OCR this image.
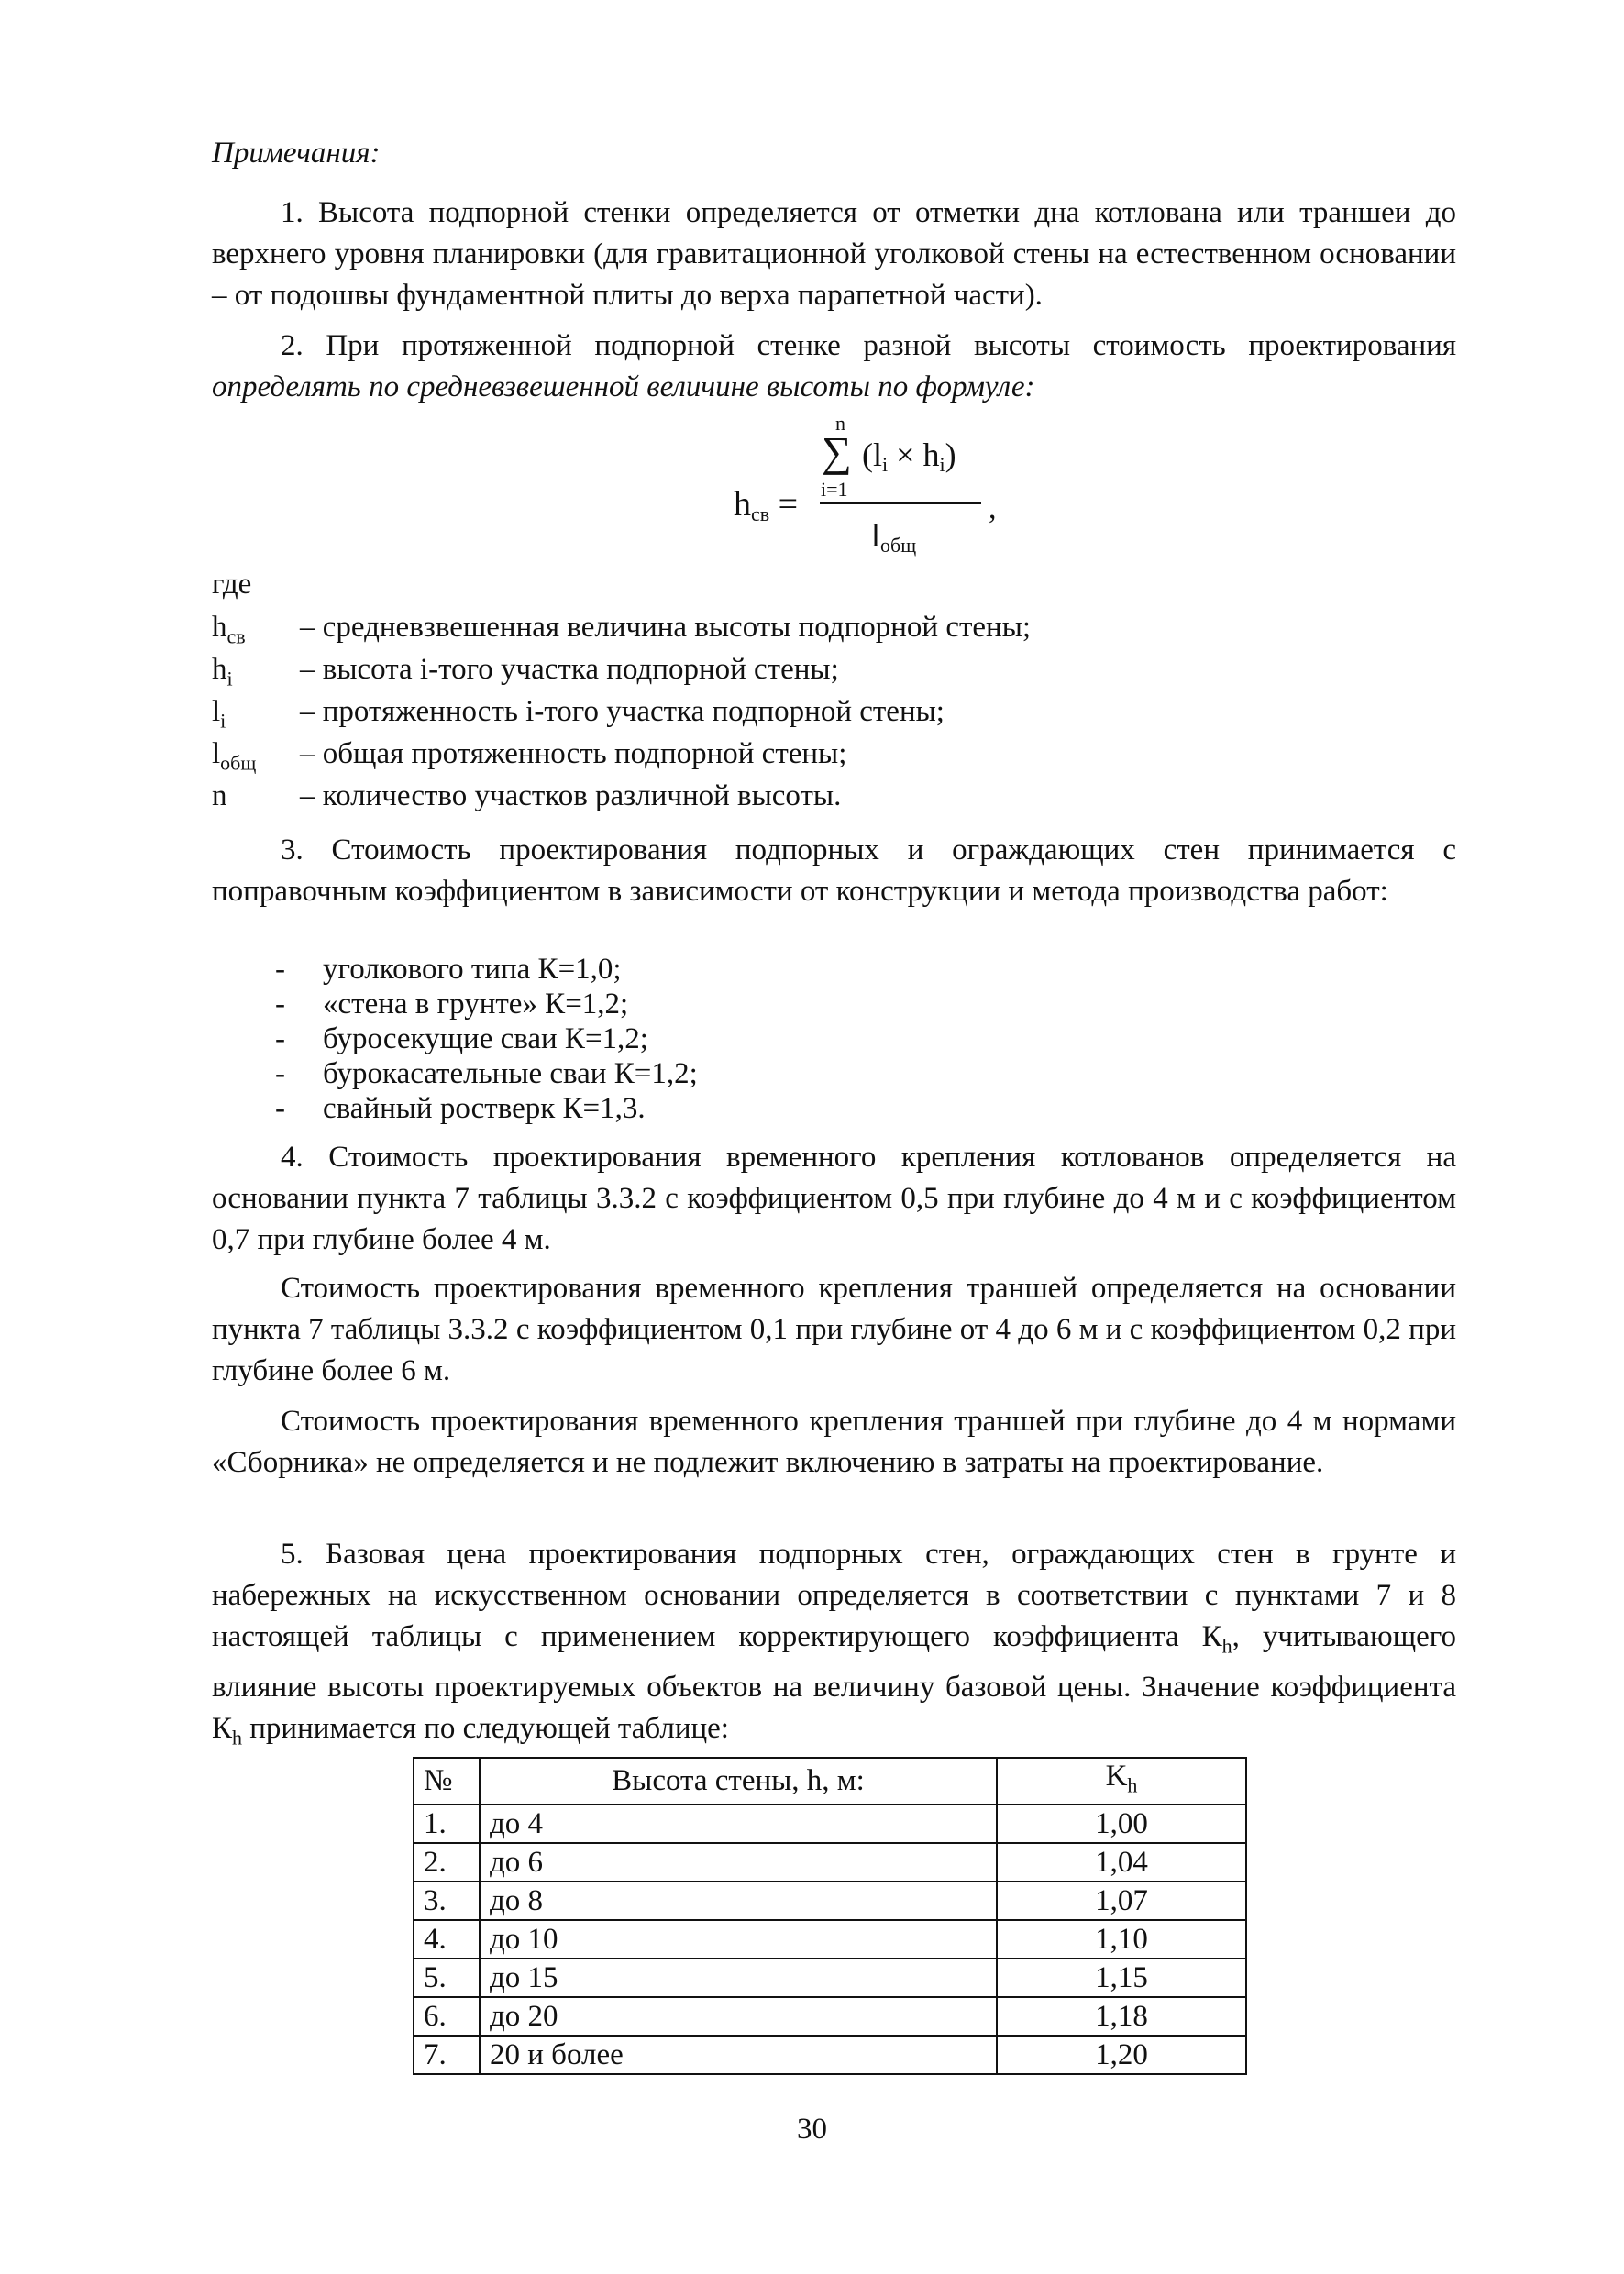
Примечания:

1. Высота подпорной стенки определяется от отметки дна котлована или траншеи до верхнего уровня планировки (для гравитационной уголковой стены на естественном основании – от подошвы фундаментной плиты до верха парапетной части).

2. При протяженной подпорной стенке разной высоты стоимость проектирования определять по средневзвешенной величине высоты по формуле:

n
∑ $(l_i \times h_i)$
i=1
$h_{св}$ =	,
$l_{общ}$
где
$h_{св}$ – средневзвешенная величина высоты подпорной стены;
$h_i$ – высота i-того участка подпорной стены;
$l_i$ – протяженность i-того участка подпорной стены;
$l_{общ}$ – общая протяженность подпорной стены;
n – количество участков различной высоты.

3. Стоимость проектирования подпорных и ограждающих стен принимается с поправочным коэффициентом в зависимости от конструкции и метода производства работ:

- уголкового типа К=1,0;
- «стена в грунте» К=1,2;
- буросекущие сваи К=1,2;
- бурокасательные сваи К=1,2;
- свайный ростверк К=1,3.

4. Стоимость проектирования временного крепления котлованов определяется на основании пункта 7 таблицы 3.3.2 с коэффициентом 0,5 при глубине до 4 м и с коэффициентом 0,7 при глубине более 4 м.

Стоимость проектирования временного крепления траншей определяется на основании пункта 7 таблицы 3.3.2 с коэффициентом 0,1 при глубине от 4 до 6 м и с коэффициентом 0,2 при глубине более 6 м.

Стоимость проектирования временного крепления траншей при глубине до 4 м нормами «Сборника» не определяется и не подлежит включению в затраты на проектирование.

5. Базовая цена проектирования подпорных стен, ограждающих стен в грунте и набережных на искусственном основании определяется в соответствии с пунктами 7 и 8 настоящей таблицы с применением корректирующего коэффициента $К_h$, учитывающего влияние высоты проектируемых объектов на величину базовой цены. Значение коэффициента $К_h$ принимается по следующей таблице:

№	Высота стены, h, м:	$K_h$
1.	до 4	1,00
2.	до 6	1,04
3.	до 8	1,07
4.	до 10	1,10
5.	до 15	1,15
6.	до 20	1,18
7.	20 и более	1,20
30
